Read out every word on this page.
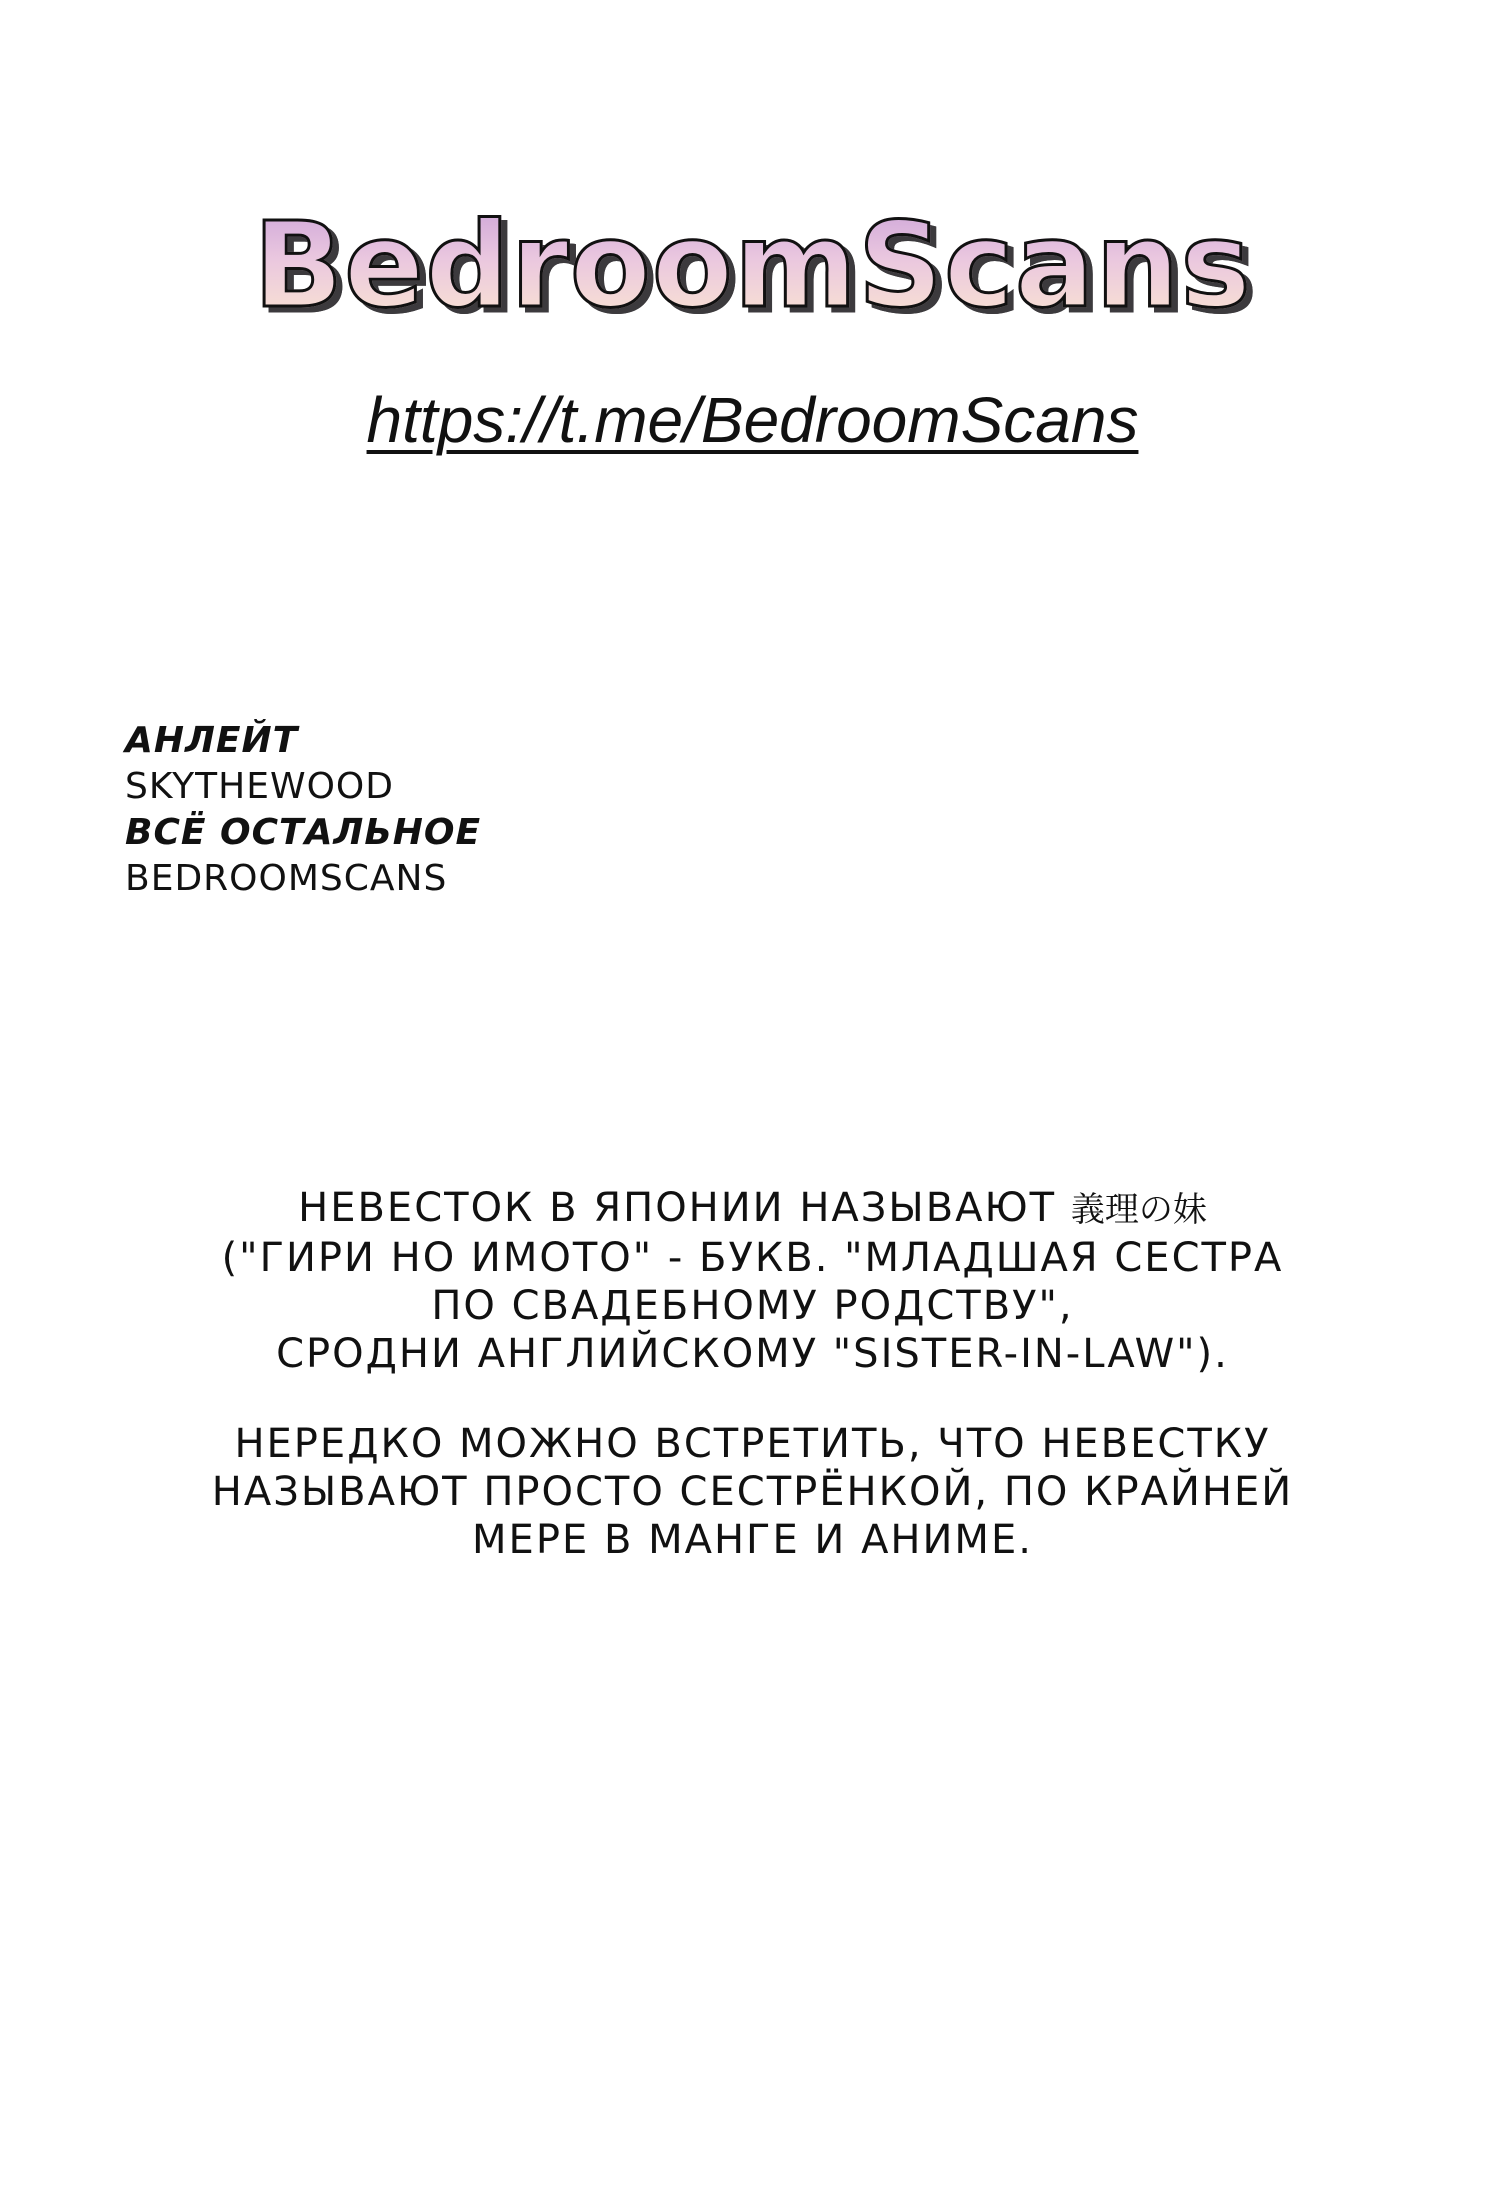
BedroomScans
https://t.me/BedroomScans
АНЛЕЙТ
SKYTHEWOOD
ВСЁ ОСТАЛЬНОЕ
BEDROOMSCANS
НЕВЕСТОК В ЯПОНИИ НАЗЫВАЮТ 義理の妹
("ГИРИ НО ИМОТО" - БУКВ. "МЛАДШАЯ СЕСТРА
ПО СВАДЕБНОМУ РОДСТВУ",
СРОДНИ АНГЛИЙСКОМУ "SISTER-IN-LAW").
НЕРЕДКО МОЖНО ВСТРЕТИТЬ, ЧТО НЕВЕСТКУ
НАЗЫВАЮТ ПРОСТО СЕСТРЁНКОЙ, ПО КРАЙНЕЙ
МЕРЕ В МАНГЕ И АНИМЕ.
